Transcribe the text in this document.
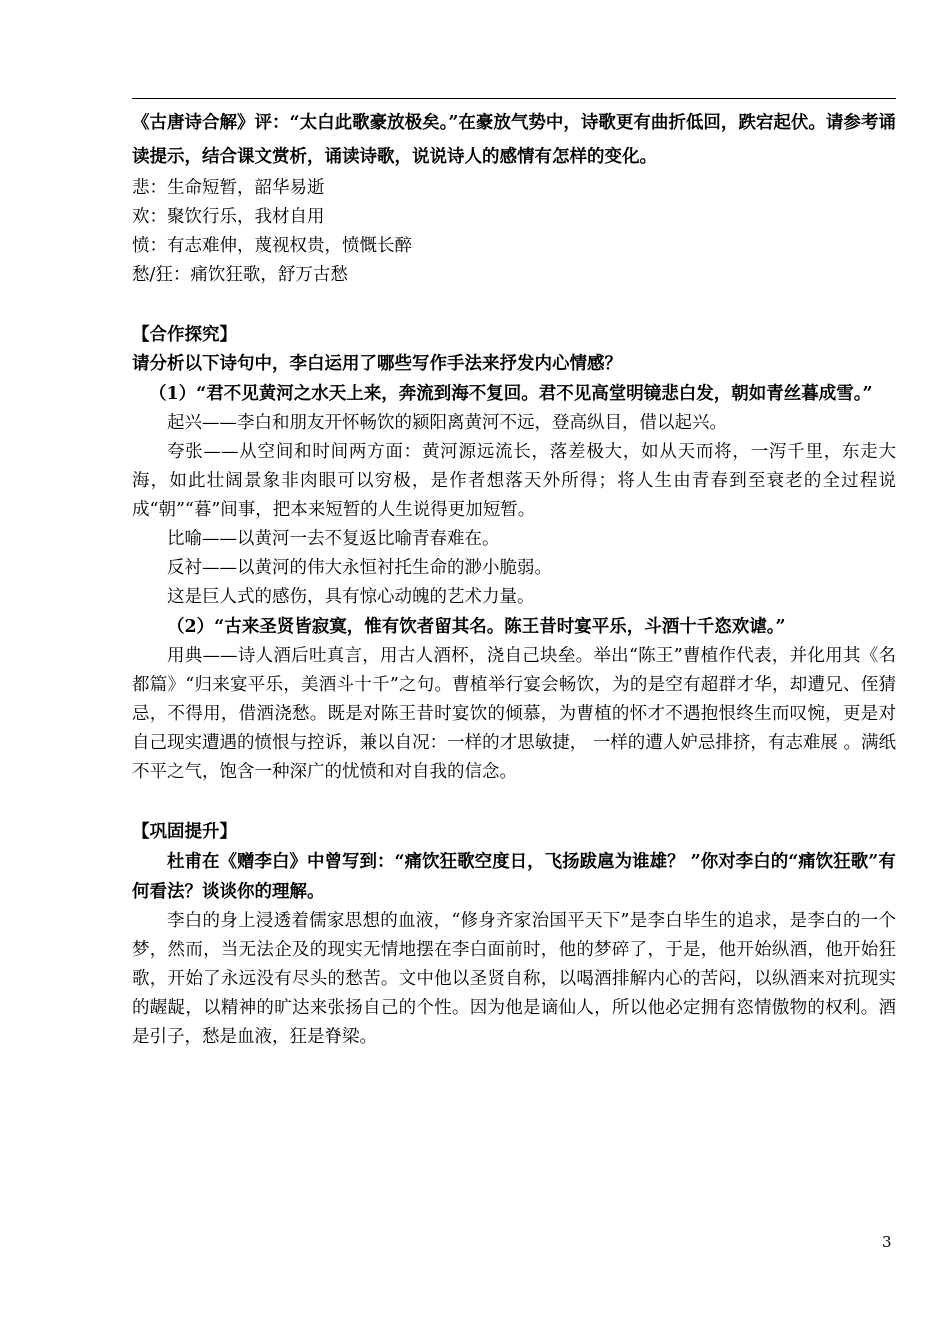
《古唐诗合解》评：“太白此歌豪放极矣。”在豪放气势中，诗歌更有曲折低回，跌宕起伏。请参考诵读提示，结合课文赏析，诵读诗歌，说说诗人的感情有怎样的变化。

悲：生命短暂，韶华易逝

欢：聚饮行乐，我材自用

愤：有志难伸，蔑视权贵，愤慨长醉

愁/狂：痛饮狂歌，舒万古愁

【合作探究】

请分析以下诗句中，李白运用了哪些写作手法来抒发内心情感？

（1）“君不见黄河之水天上来，奔流到海不复回。君不见高堂明镜悲白发，朝如青丝暮成雪。”

起兴——李白和朋友开怀畅饮的颍阳离黄河不远，登高纵目，借以起兴。

夸张——从空间和时间两方面：黄河源远流长，落差极大，如从天而将，一泻千里，东走大海，如此壮阔景象非肉眼可以穷极，是作者想落天外所得；将人生由青春到至衰老的全过程说成“朝”“暮”间事，把本来短暂的人生说得更加短暂。

比喻——以黄河一去不复返比喻青春难在。

反衬——以黄河的伟大永恒衬托生命的渺小脆弱。

这是巨人式的感伤，具有惊心动魄的艺术力量。

（2）“古来圣贤皆寂寞，惟有饮者留其名。陈王昔时宴平乐，斗酒十千恣欢谑。”

用典——诗人酒后吐真言，用古人酒杯，浇自己块垒。举出“陈王”曹植作代表，并化用其《名都篇》“归来宴平乐，美酒斗十千”之句。曹植举行宴会畅饮，为的是空有超群才华，却遭兄、侄猜忌，不得用，借酒浇愁。既是对陈王昔时宴饮的倾慕，为曹植的怀才不遇抱恨终生而叹惋，更是对自己现实遭遇的愤恨与控诉，兼以自况：一样的才思敏捷， 一样的遭人妒忌排挤，有志难展 。满纸不平之气，饱含一种深广的忧愤和对自我的信念。

【巩固提升】

杜甫在《赠李白》中曾写到：“痛饮狂歌空度日，飞扬跋扈为谁雄？ ”你对李白的“痛饮狂歌”有何看法？谈谈你的理解。

李白的身上浸透着儒家思想的血液，“修身齐家治国平天下”是李白毕生的追求，是李白的一个梦，然而，当无法企及的现实无情地摆在李白面前时，他的梦碎了，于是，他开始纵酒，他开始狂歌，开始了永远没有尽头的愁苦。文中他以圣贤自称，以喝酒排解内心的苦闷，以纵酒来对抗现实的龌龊，以精神的旷达来张扬自己的个性。因为他是谪仙人，所以他必定拥有恣情傲物的权利。酒是引子，愁是血液，狂是脊梁。

3
